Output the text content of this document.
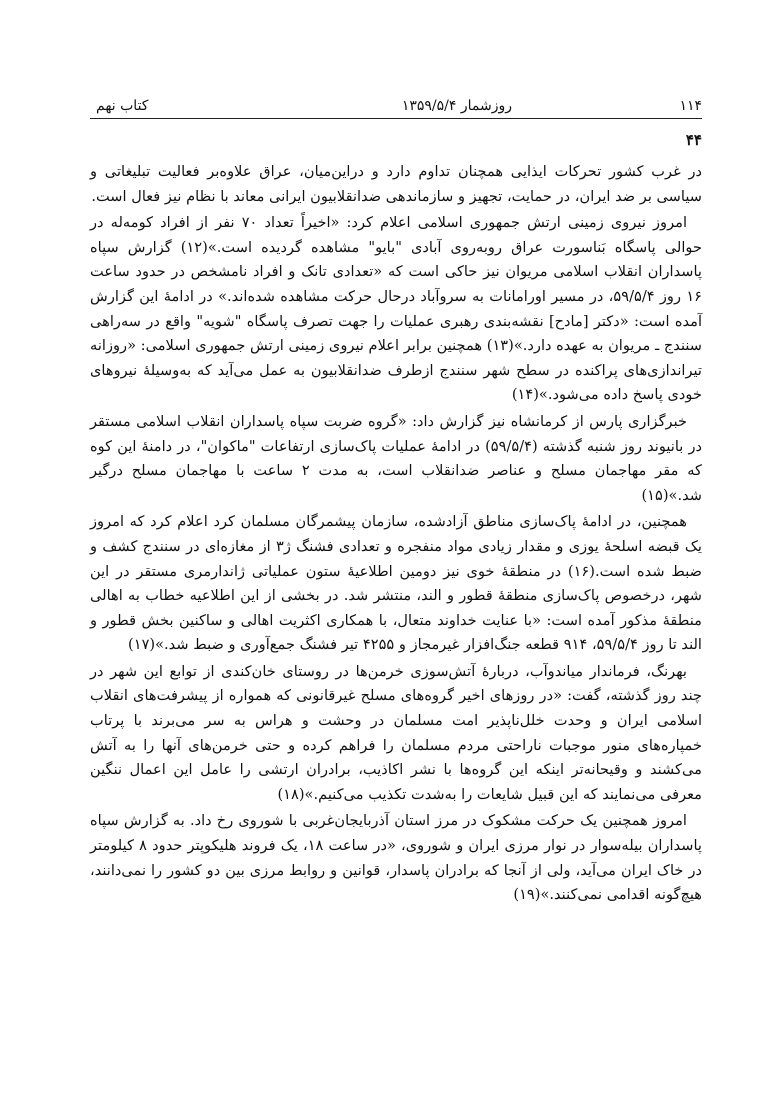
۱۱۴
روزشمار ۱۳۵۹/۵/۴
کتاب نهم
۴۴

در غرب کشور تحرکات ایذایی همچنان تداوم دارد و دراین‌میان، عراق علاوه‌بر فعالیت تبلیغاتی و سیاسی بر ضد ایران، در حمایت، تجهیز و سازماندهی ضدانقلابیون ایرانی معاند با نظام نیز فعال است.

امروز نیروی زمینی ارتش جمهوری اسلامی اعلام کرد: «اخیراً تعداد ۷۰ نفر از افراد کومه‌له در حوالی پاسگاه بَناسورت عراق روبه‌روی آبادی "بایو" مشاهده گردیده است.»(۱۲) گزارش سپاه پاسداران انقلاب اسلامی مریوان نیز حاکی است که «تعدادی تانک و افراد نامشخص در حدود ساعت ۱۶ روز ۵۹/۵/۴، در مسیر اورامانات به سروآباد درحال حرکت مشاهده شده‌اند.» در ادامهٔ این گزارش آمده است: «دکتر [مادح] نقشه‌بندی رهبری عملیات را جهت تصرف پاسگاه "شویه" واقع در سه‌راهی سنندج ـ مریوان به عهده دارد.»(۱۳) همچنین برابر اعلام نیروی زمینی ارتش جمهوری اسلامی: «روزانه تیراندازی‌های پراکنده در سطح شهر سنندج ازطرف ضدانقلابیون به عمل می‌آید که به‌وسیلهٔ نیروهای خودی پاسخ داده می‌شود.»(۱۴)

خبرگزاری پارس از کرمانشاه نیز گزارش داد: «گروه ضربت سپاه پاسداران انقلاب اسلامی مستقر در بانیوند روز شنبه گذشته (۵۹/۵/۴) در ادامهٔ عملیات پاک‌سازی ارتفاعات "ماکوان"، در دامنهٔ این کوه که مقر مهاجمان مسلح و عناصر ضدانقلاب است، به مدت ۲ ساعت با مهاجمان مسلح درگیر شد.»(۱۵)

همچنین، در ادامهٔ پاک‌سازی مناطق آزادشده، سازمان پیشمرگان مسلمان کرد اعلام کرد که امروز یک قبضه اسلحهٔ یوزی و مقدار زیادی مواد منفجره و تعدادی فشنگ ژ۳ از مغازه‌ای در سنندج کشف و ضبط شده است.(۱۶) در منطقهٔ خوی نیز دومین اطلاعیهٔ ستون عملیاتی ژاندارمری مستقر در این شهر، درخصوص پاک‌سازی منطقهٔ قطور و الند، منتشر شد. در بخشی از این اطلاعیه خطاب به اهالی منطقهٔ مذکور آمده است: «با عنایت خداوند متعال، با همکاری اکثریت اهالی و ساکنین بخش قطور و الند تا روز ۵۹/۵/۴، ۹۱۴ قطعه جنگ‌افزار غیرمجاز و ۴۲۵۵ تیر فشنگ جمع‌آوری و ضبط شد.»(۱۷)

بهرنگ، فرماندار میاندوآب، دربارهٔ آتش‌سوزی خرمن‌ها در روستای خان‌کندی از توابع این شهر در چند روز گذشته، گفت: «در روزهای اخیر گروه‌های مسلح غیرقانونی که همواره از پیشرفت‌های انقلاب اسلامی ایران و وحدت خلل‌ناپذیر امت مسلمان در وحشت و هراس به سر می‌برند با پرتاب خمپاره‌های منور موجبات ناراحتی مردم مسلمان را فراهم کرده و حتی خرمن‌های آنها را به آتش می‌کشند و وقیحانه‌تر اینکه این گروه‌ها با نشر اکاذیب، برادران ارتشی را عامل این اعمال ننگین معرفی می‌نمایند که این قبیل شایعات را به‌شدت تکذیب می‌کنیم.»(۱۸)

امروز همچنین یک حرکت مشکوک در مرز استان آذربایجان‌غربی با شوروی رخ داد. به گزارش سپاه پاسداران بیله‌سوار در نوار مرزی ایران و شوروی، «در ساعت ۱۸، یک فروند هلیکوپتر حدود ۸ کیلومتر در خاک ایران می‌آید، ولی از آنجا که برادران پاسدار، قوانین و روابط مرزی بین دو کشور را نمی‌دانند، هیچ‌گونه اقدامی نمی‌کنند.»(۱۹)
